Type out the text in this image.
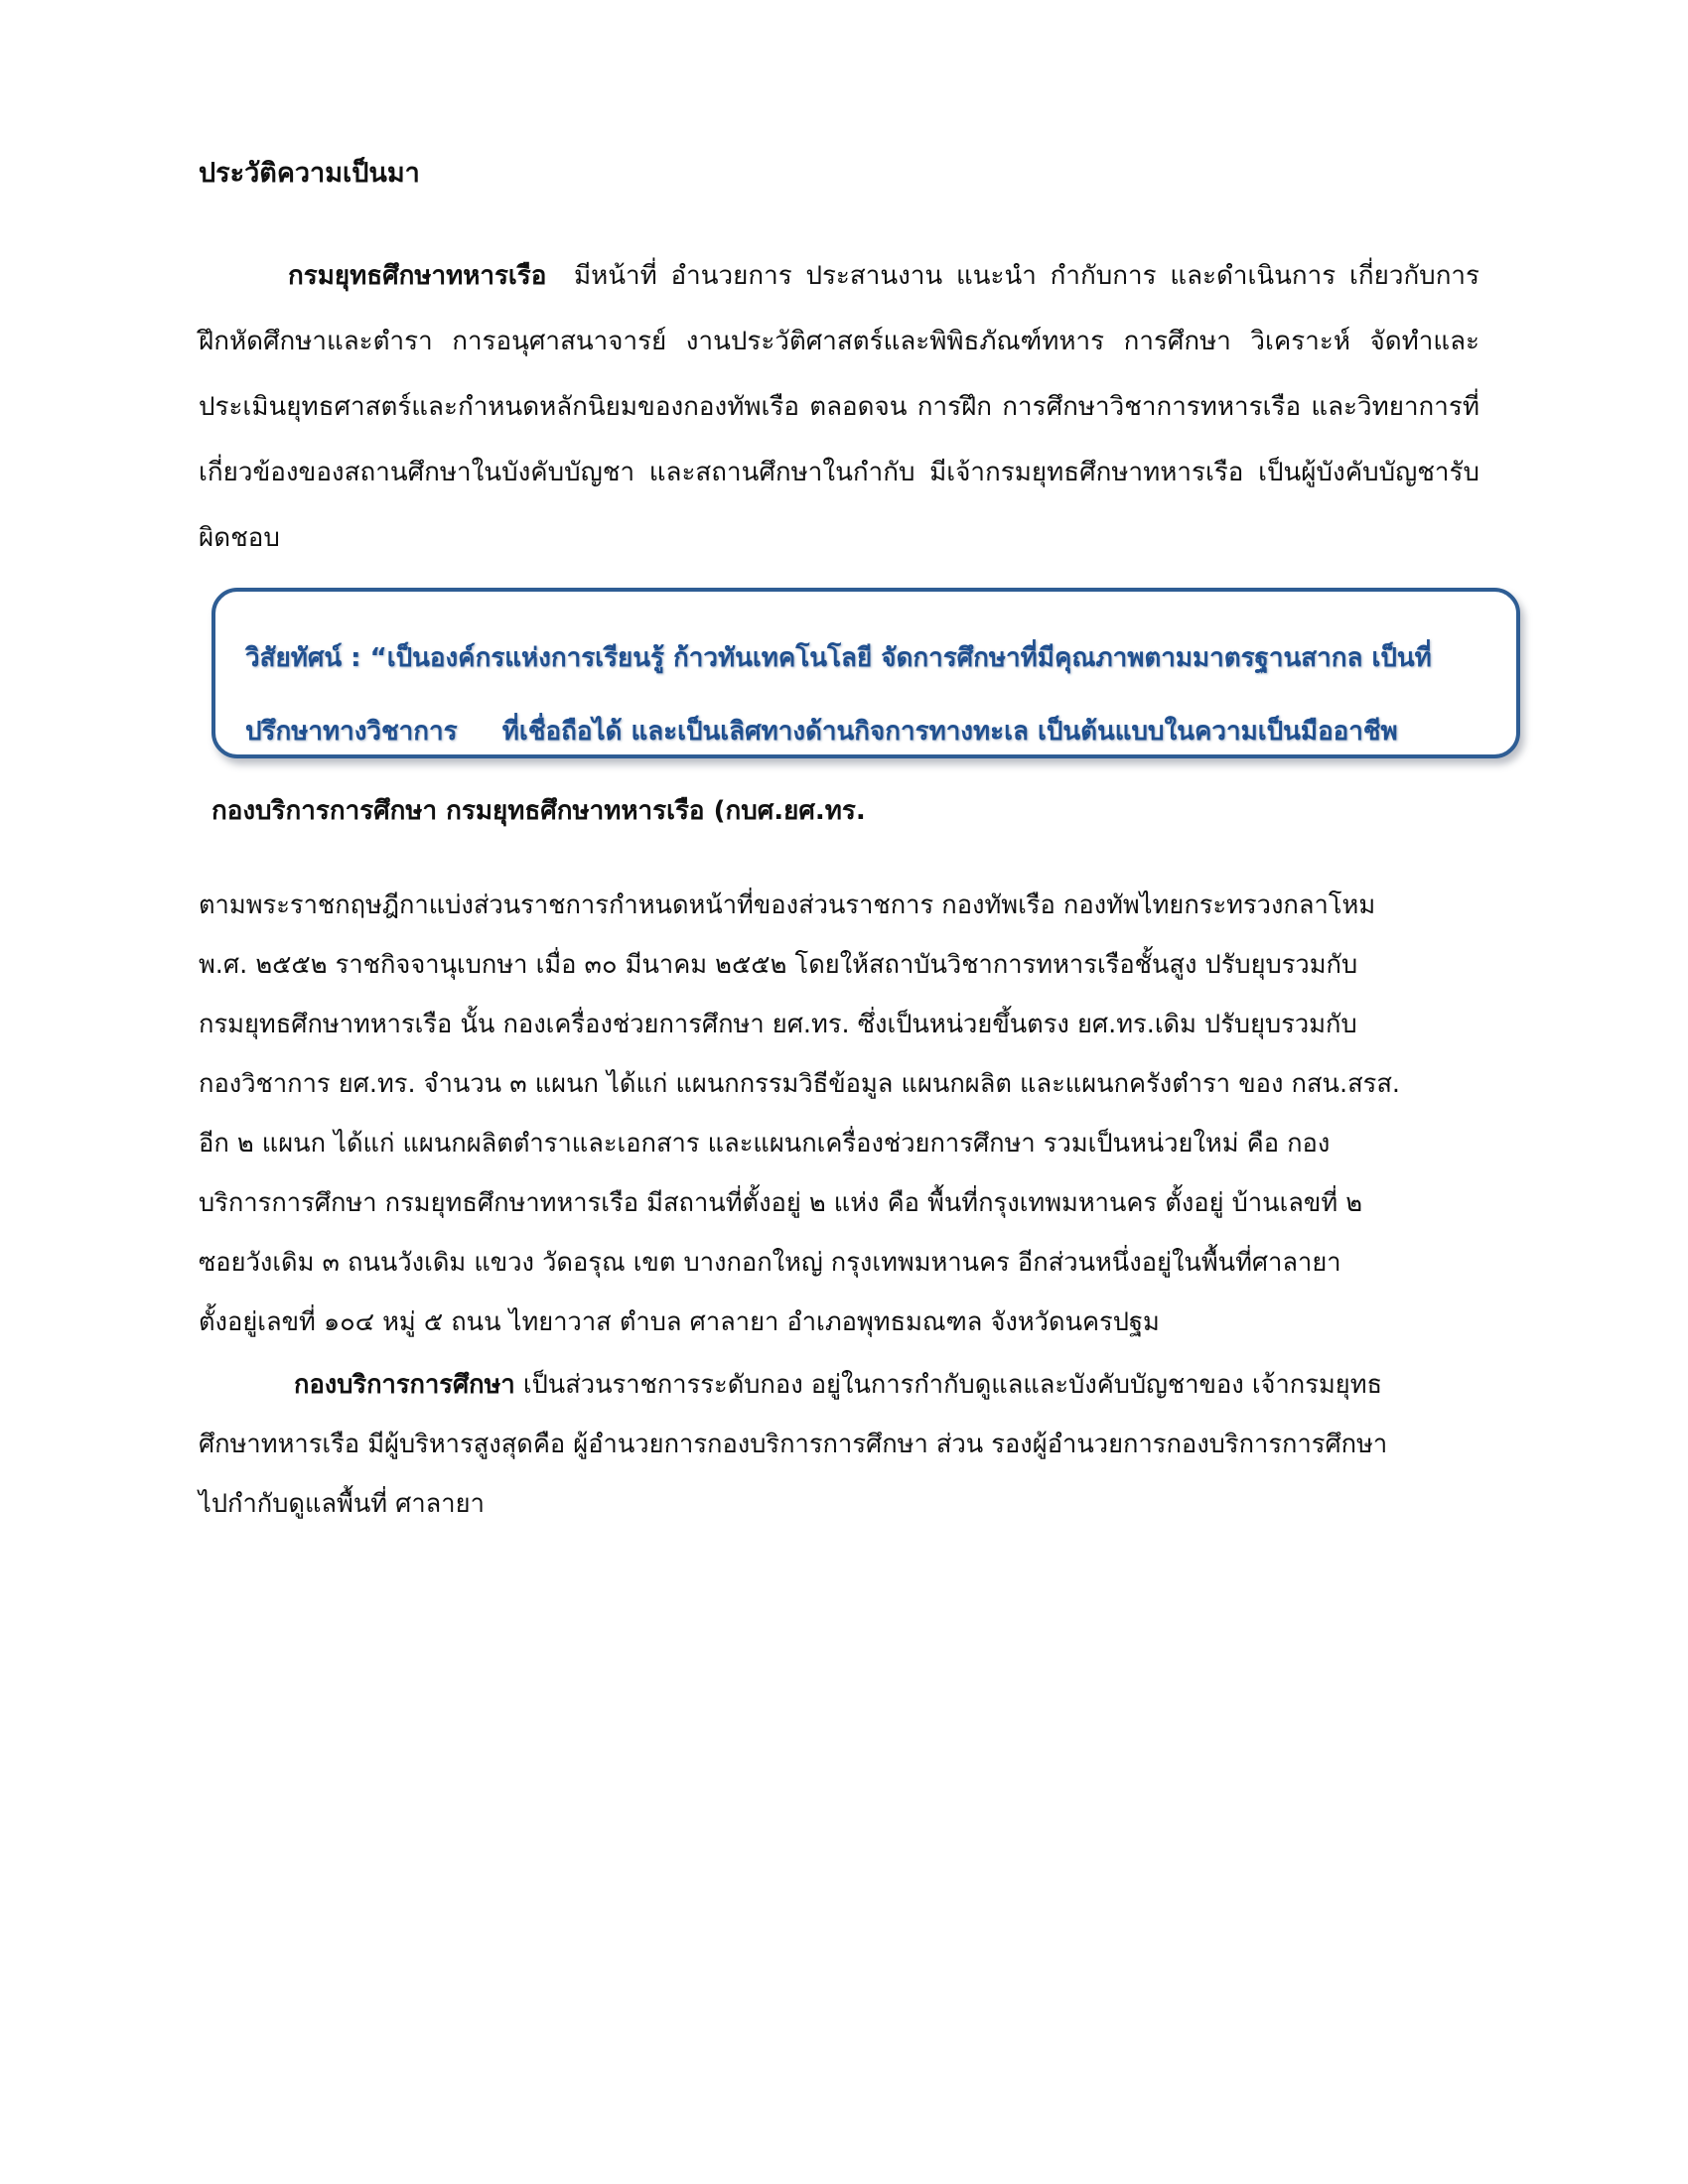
ประวัติความเป็นมา
กรมยุทธศึกษาทหารเรือ มีหน้าที่ อำนวยการ ประสานงาน แนะนำ กำกับการ และดำเนินการ เกี่ยวกับการฝึกหัดศึกษาและตำรา การอนุศาสนาจารย์ งานประวัติศาสตร์และพิพิธภัณฑ์ทหาร การศึกษา วิเคราะห์ จัดทำและประเมินยุทธศาสตร์และกำหนดหลักนิยมของกองทัพเรือ ตลอดจน การฝึก การศึกษาวิชาการทหารเรือ และวิทยาการที่เกี่ยวข้องของสถานศึกษาในบังคับบัญชา และสถานศึกษาในกำกับ มีเจ้ากรมยุทธศึกษาทหารเรือ เป็นผู้บังคับบัญชารับผิดชอบ
วิสัยทัศน์ : “เป็นองค์กรแห่งการเรียนรู้ ก้าวทันเทคโนโลยี จัดการศึกษาที่มีคุณภาพตามมาตรฐานสากล เป็นที่
ปรึกษาทางวิชาการ     ที่เชื่อถือได้ และเป็นเลิศทางด้านกิจการทางทะเล เป็นต้นแบบในความเป็นมืออาชีพ
กองบริการการศึกษา กรมยุทธศึกษาทหารเรือ (กบศ.ยศ.ทร.
ตามพระราชกฤษฎีกาแบ่งส่วนราชการกำหนดหน้าที่ของส่วนราชการ กองทัพเรือ กองทัพไทยกระทรวงกลาโหม
พ.ศ. ๒๕๕๒ ราชกิจจานุเบกษา เมื่อ ๓๐ มีนาคม ๒๕๕๒ โดยให้สถาบันวิชาการทหารเรือชั้นสูง ปรับยุบรวมกับ
กรมยุทธศึกษาทหารเรือ นั้น กองเครื่องช่วยการศึกษา ยศ.ทร. ซึ่งเป็นหน่วยขึ้นตรง ยศ.ทร.เดิม ปรับยุบรวมกับ
กองวิชาการ ยศ.ทร. จำนวน ๓ แผนก ได้แก่ แผนกกรรมวิธีข้อมูล แผนกผลิต และแผนกครังตำรา ของ กสน.สรส.
อีก ๒ แผนก ได้แก่ แผนกผลิตตำราและเอกสาร และแผนกเครื่องช่วยการศึกษา รวมเป็นหน่วยใหม่ คือ กอง
บริการการศึกษา กรมยุทธศึกษาทหารเรือ มีสถานที่ตั้งอยู่ ๒ แห่ง คือ พื้นที่กรุงเทพมหานคร ตั้งอยู่ บ้านเลขที่ ๒
ซอยวังเดิม ๓ ถนนวังเดิม แขวง วัดอรุณ เขต บางกอกใหญ่ กรุงเทพมหานคร อีกส่วนหนึ่งอยู่ในพื้นที่ศาลายา
ตั้งอยู่เลขที่ ๑๐๔ หมู่ ๕ ถนน ไทยาวาส ตำบล ศาลายา อำเภอพุทธมณฑล จังหวัดนครปฐม
กองบริการการศึกษา เป็นส่วนราชการระดับกอง อยู่ในการกำกับดูแลและบังคับบัญชาของ เจ้ากรมยุทธ
ศึกษาทหารเรือ มีผู้บริหารสูงสุดคือ ผู้อำนวยการกองบริการการศึกษา ส่วน รองผู้อำนวยการกองบริการการศึกษา
ไปกำกับดูแลพื้นที่ ศาลายา
